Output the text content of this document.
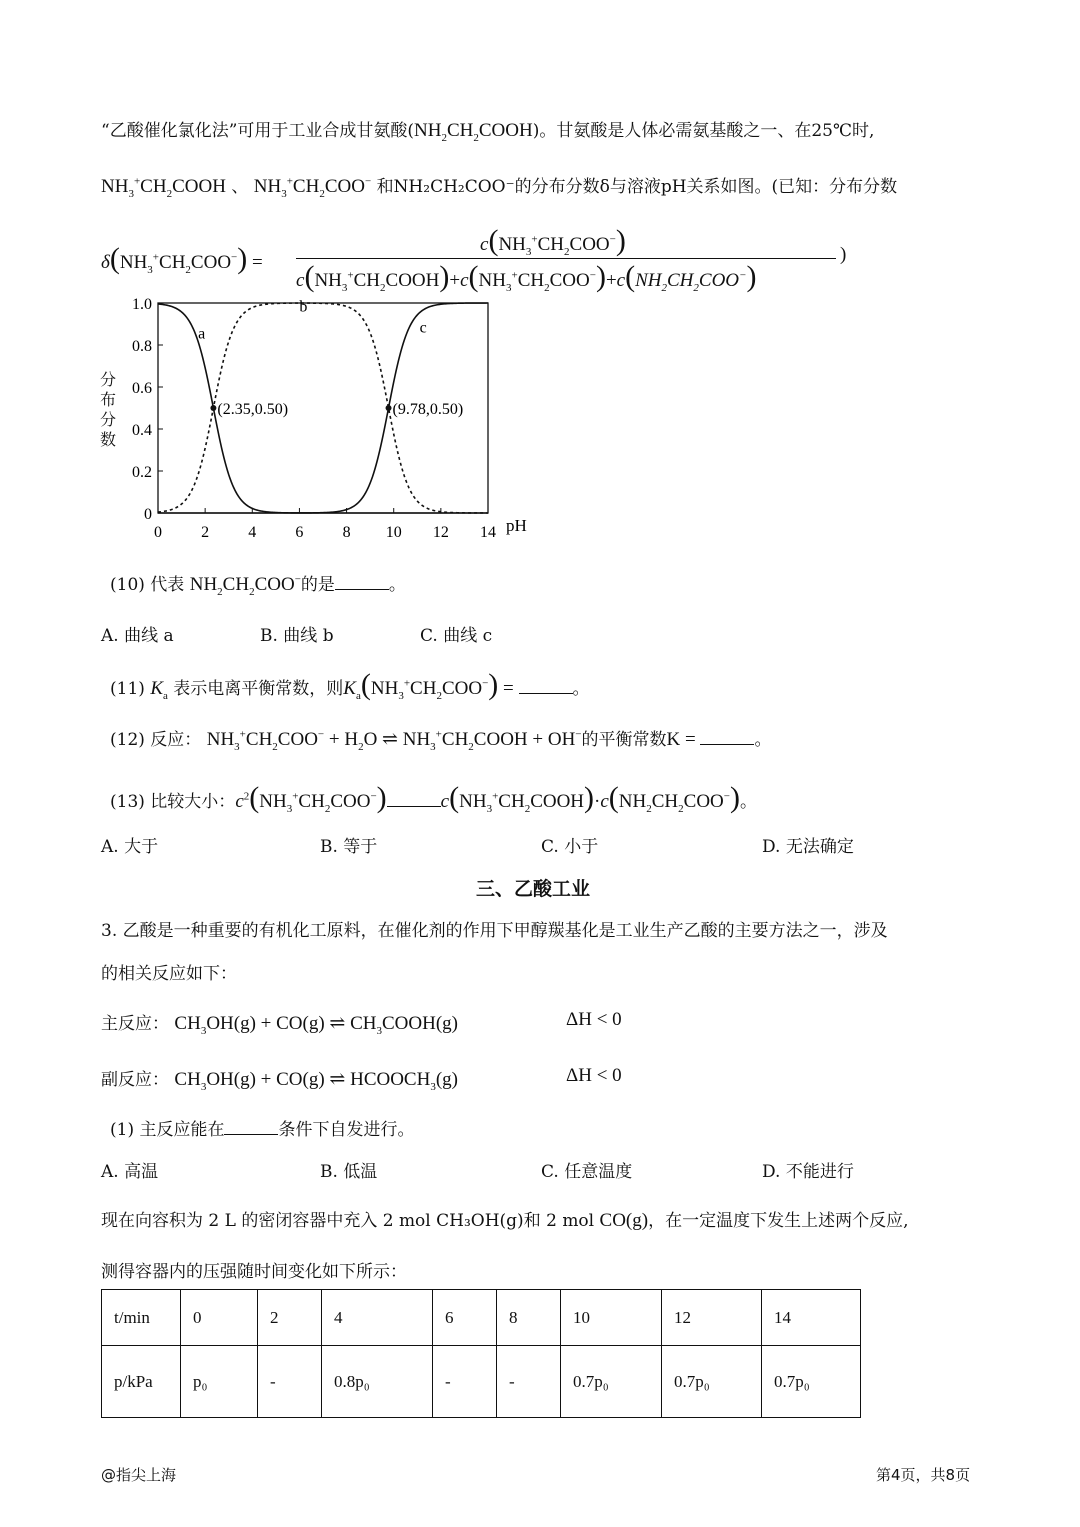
“乙酸催化氯化法”可用于工业合成甘氨酸$(NH_2CH_2COOH)$。甘氨酸是人体必需氨基酸之一、在25℃时,
$NH_3^+CH_2COOH$ 、 $NH_3^+CH_2COO^-$ 和NH₂CH₂COO⁻的分布分数δ与溶液pH关系如图。(已知：分布分数
$\delta(NH_3^+CH_2COO^-)$ =
$c(NH_3^+CH_2COO^-)$
$c(NH_3^+CH_2COOH)+c(NH_3^+CH_2COO^-)+c(NH_2CH_2COO^-)$
)
0
0.2
0.4
0.6
0.8
1.0
0 2 4 6 8 10 12 14
a
b
c
(2.35,0.50)	(9.78,0.50)
pH
分布分数
(10) 代表 $NH_2CH_2COO^-$的是	。
A. 曲线 a	B. 曲线 b	C. 曲线 c
(11) $K_a$ 表示电离平衡常数，则$K_a(NH_3^+CH_2COO^-)$ =	。
(12) 反应： $NH_3^+CH_2COO^- + H_2O$ ⇌ $NH_3^+CH_2COOH + OH^-$的平衡常数K =	。
(13) 比较大小：$c^2(NH_3^+CH_2COO^-)$	$c(NH_3^+CH_2COOH)\cdot c(NH_2CH_2COO^-)$。
A. 大于	B. 等于	C. 小于	D. 无法确定
三、乙酸工业
3. 乙酸是一种重要的有机化工原料，在催化剂的作用下甲醇羰基化是工业生产乙酸的主要方法之一，涉及
的相关反应如下：
主反应： $CH_3OH(g) + CO(g)$ ⇌ $CH_3COOH(g)$	ΔH < 0
副反应： $CH_3OH(g) + CO(g)$ ⇌ $HCOOCH_3(g)$	ΔH < 0
(1) 主反应能在	条件下自发进行。
A. 高温	B. 低温	C. 任意温度	D. 不能进行
现在向容积为 2 L 的密闭容器中充入 2 mol CH₃OH(g)和 2 mol CO(g)，在一定温度下发生上述两个反应,
测得容器内的压强随时间变化如下所示：
t/min	0	2	4	6	8	10	12	14
p/kPa	p₀	-	0.8p₀	-	-	0.7p₀	0.7p₀	0.7p₀
@指尖上海	第4页，共8页
